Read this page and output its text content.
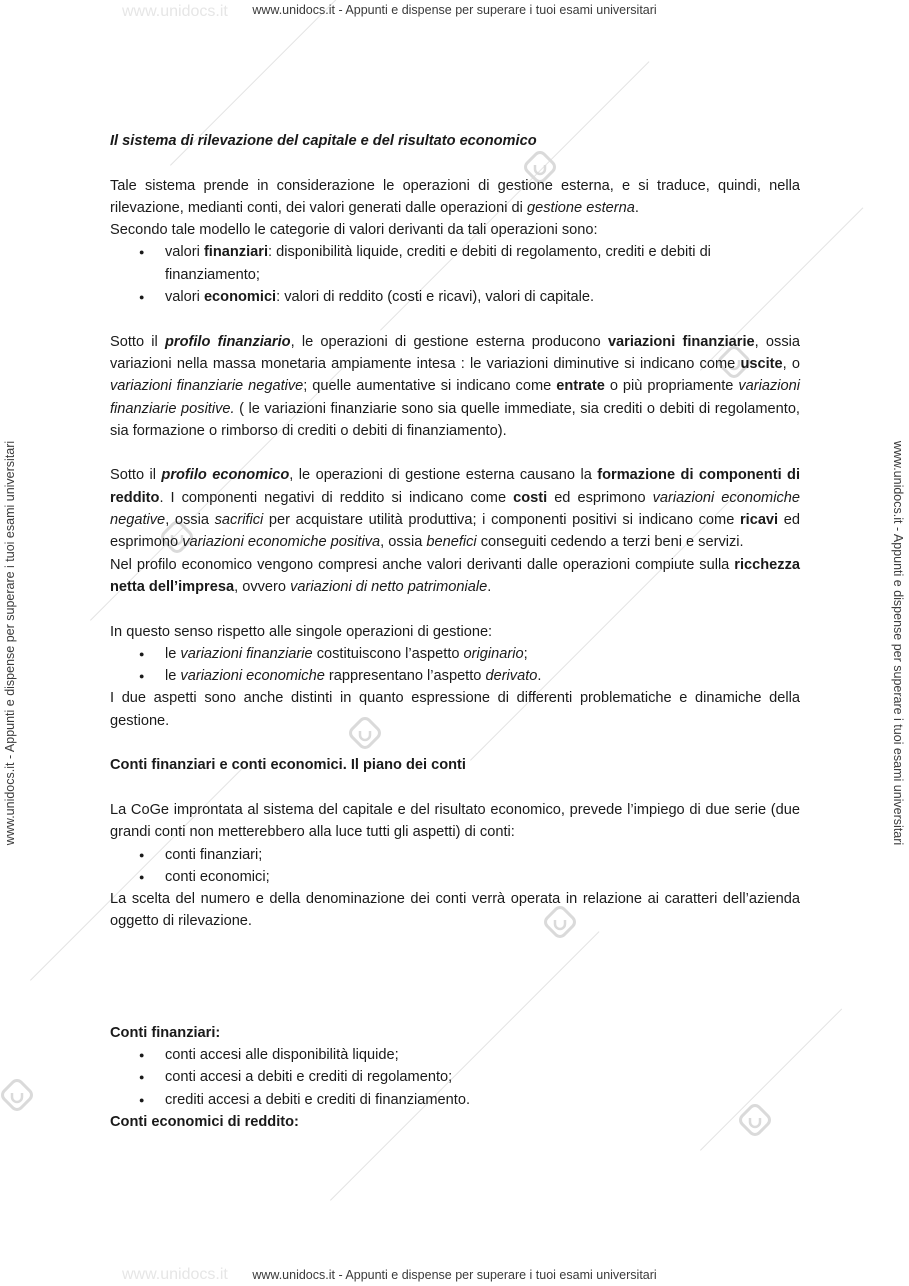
www.unidocs.it
www.unidocs.it
www.unidocs.it - Appunti e dispense per superare i tuoi esami universitari
www.unidocs.it - Appunti e dispense per superare i tuoi esami universitari
www.unidocs.it - Appunti e dispense per superare i tuoi esami universitari	www.unidocs.it - Appunti e dispense per superare i tuoi esami universitari

Il sistema di rilevazione del capitale e del risultato economico

Tale sistema prende in considerazione le operazioni di gestione esterna, e si traduce, quindi, nella rilevazione, medianti conti, dei valori generati dalle operazioni di gestione esterna.

Secondo tale modello le categorie di valori derivanti da tali operazioni sono:

● valori finanziari: disponibilità liquide, crediti e debiti di regolamento, crediti e debiti di finanziamento;
● valori economici: valori di reddito (costi e ricavi), valori di capitale.

Sotto il profilo finanziario, le operazioni di gestione esterna producono variazioni finanziarie, ossia variazioni nella massa monetaria ampiamente intesa : le variazioni diminutive si indicano come uscite, o variazioni finanziarie negative; quelle aumentative si indicano come entrate o più propriamente variazioni finanziarie positive. ( le variazioni finanziarie sono sia quelle immediate, sia crediti o debiti di regolamento, sia formazione o rimborso di crediti o debiti di finanziamento).

Sotto il profilo economico, le operazioni di gestione esterna causano la formazione di componenti di reddito. I componenti negativi di reddito si indicano come costi ed esprimono variazioni economiche negative, ossia sacrifici per acquistare utilità produttiva; i componenti positivi si indicano come ricavi ed esprimono variazioni economiche positiva, ossia benefici conseguiti cedendo a terzi beni e servizi.

Nel profilo economico vengono compresi anche valori derivanti dalle operazioni compiute sulla ricchezza netta dell’impresa, ovvero variazioni di netto patrimoniale.

In questo senso rispetto alle singole operazioni di gestione:

● le variazioni finanziarie costituiscono l’aspetto originario;
● le variazioni economiche rappresentano l’aspetto derivato.

I due aspetti sono anche distinti in quanto espressione di differenti problematiche e dinamiche della gestione.

Conti finanziari e conti economici. Il piano dei conti

La CoGe improntata al sistema del capitale e del risultato economico, prevede l’impiego di due serie (due grandi conti non metterebbero alla luce tutti gli aspetti) di conti:

● conti finanziari;
● conti economici;

La scelta del numero e della denominazione dei conti verrà operata in relazione ai caratteri dell’azienda oggetto di rilevazione.

Conti finanziari:

● conti accesi alle disponibilità liquide;
● conti accesi a debiti e crediti di regolamento;
● crediti accesi a debiti e crediti di finanziamento.

Conti economici di reddito:
